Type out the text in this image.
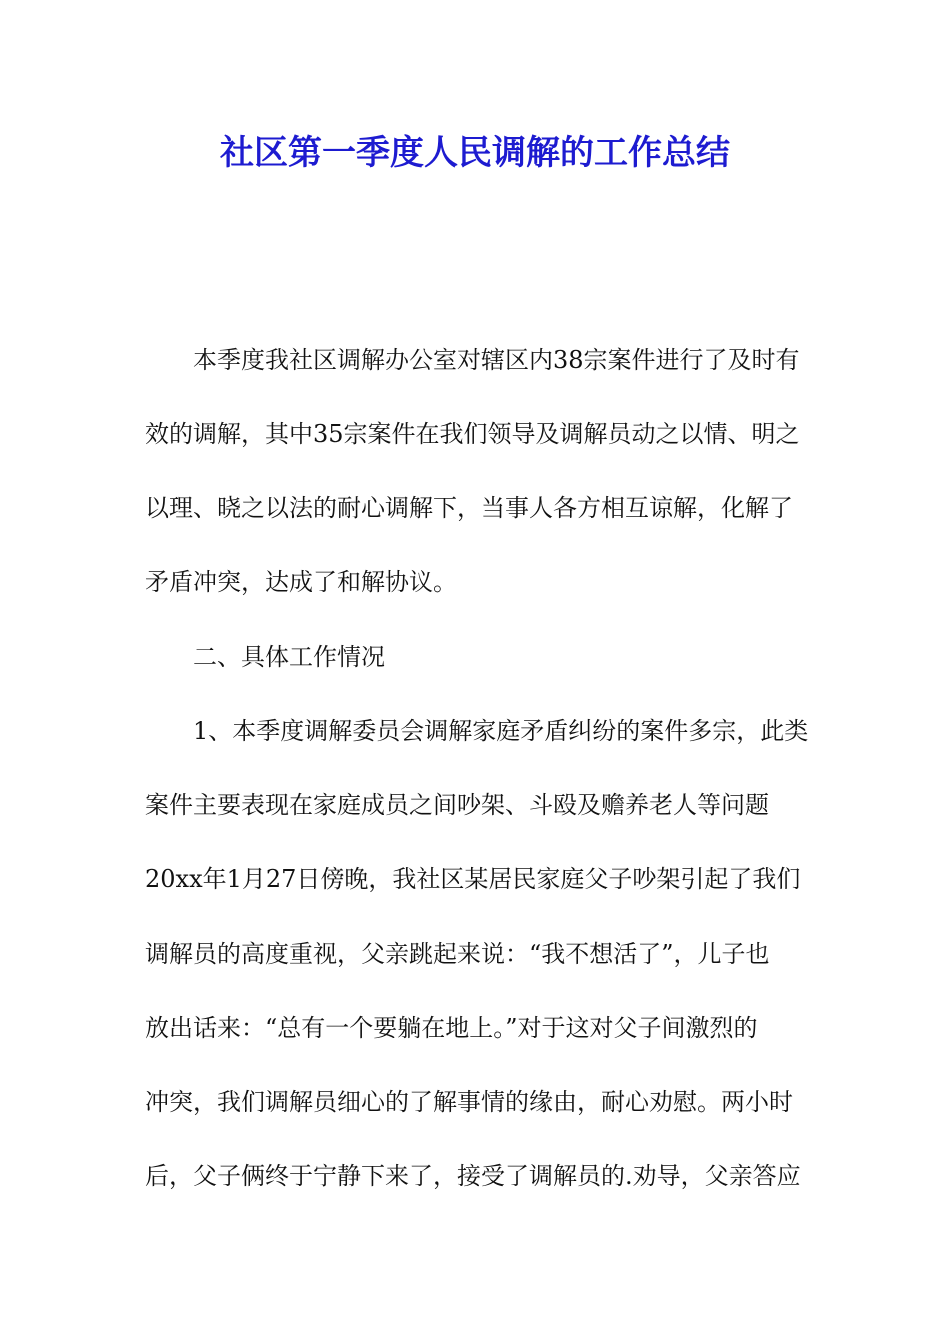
社区第一季度人民调解的工作总结
本季度我社区调解办公室对辖区内38宗案件进行了及时有
效的调解，其中35宗案件在我们领导及调解员动之以情、明之
以理、晓之以法的耐心调解下，当事人各方相互谅解，化解了
矛盾冲突，达成了和解协议。
二、具体工作情况
1、本季度调解委员会调解家庭矛盾纠纷的案件多宗，此类
案件主要表现在家庭成员之间吵架、斗殴及赡养老人等问题
20xx年1月27日傍晚，我社区某居民家庭父子吵架引起了我们
调解员的高度重视，父亲跳起来说：“我不想活了”，儿子也
放出话来：“总有一个要躺在地上。”对于这对父子间激烈的
冲突，我们调解员细心的了解事情的缘由，耐心劝慰。两小时
后，父子俩终于宁静下来了，接受了调解员的.劝导，父亲答应
